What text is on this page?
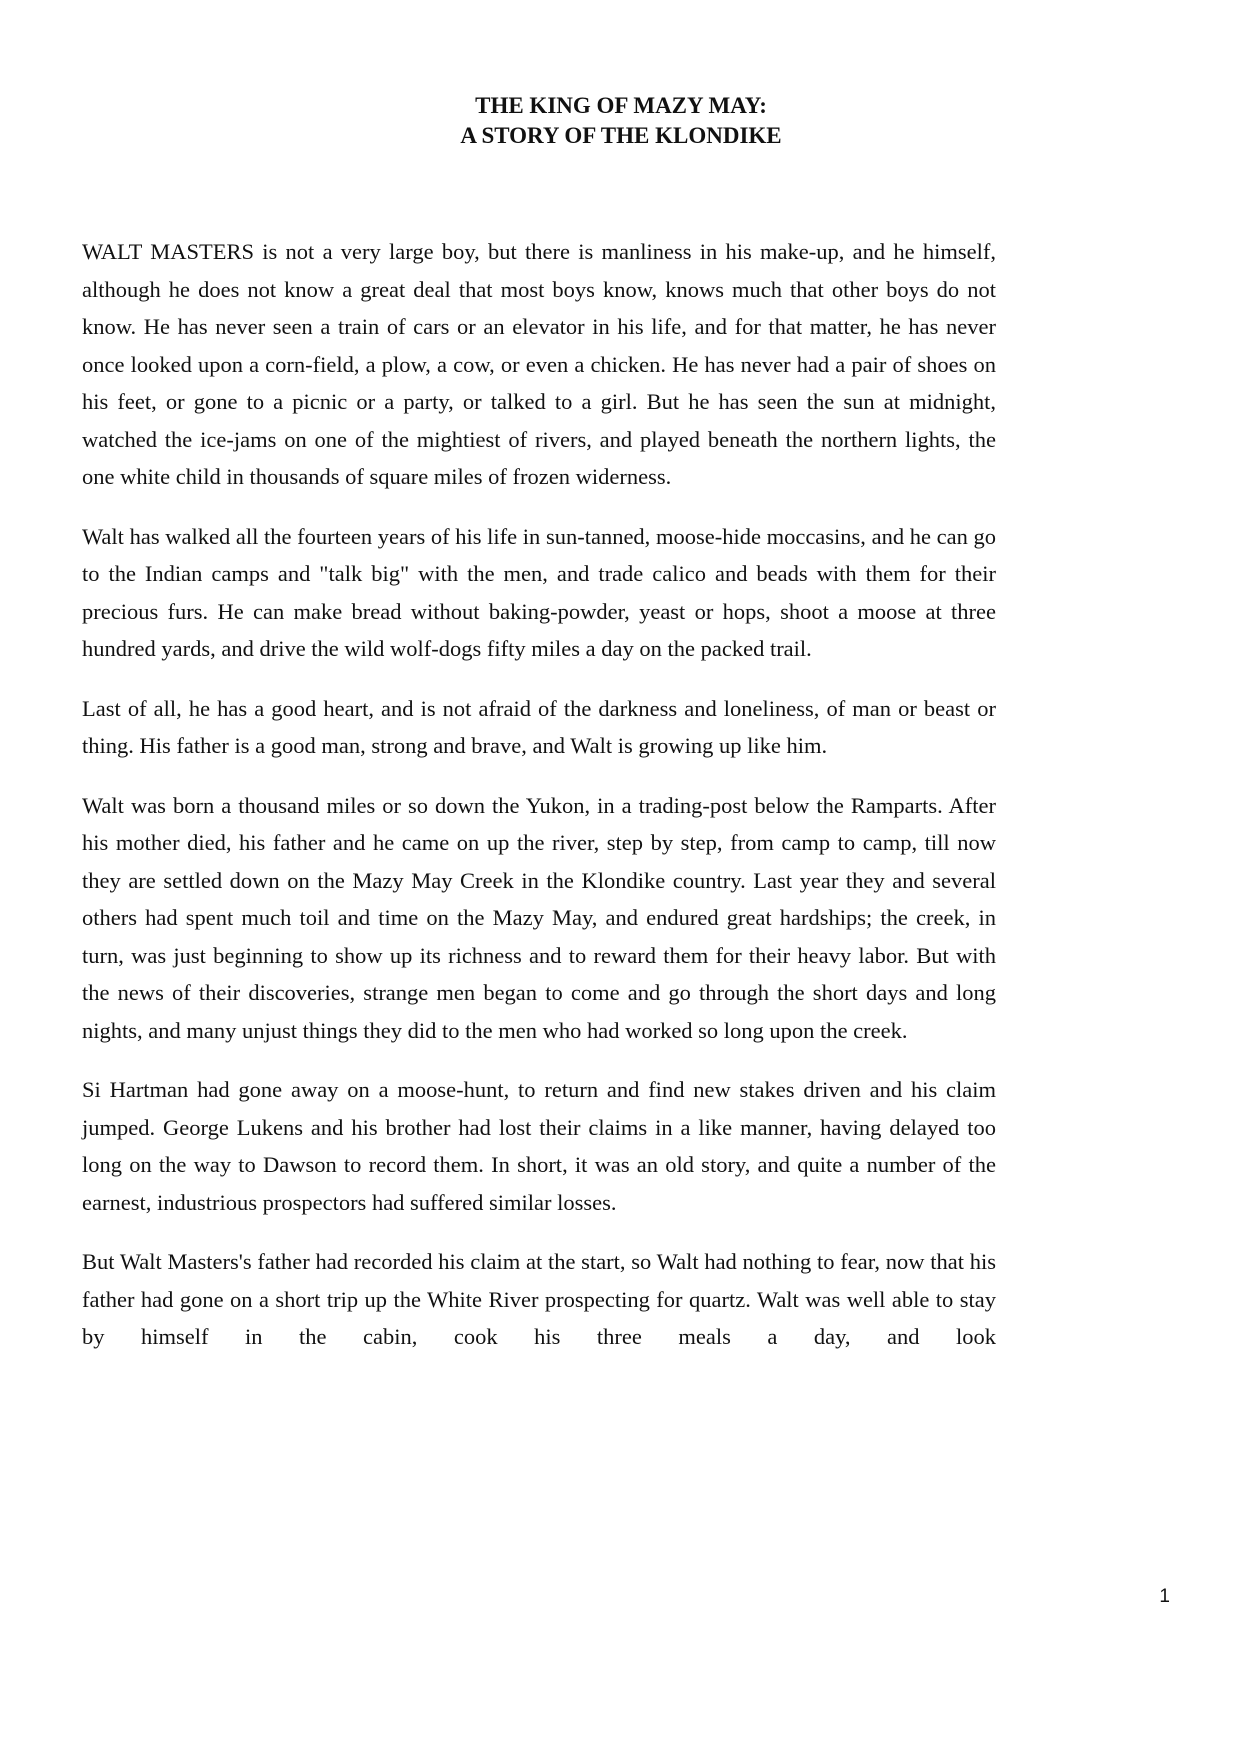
THE KING OF MAZY MAY:
A STORY OF THE KLONDIKE

WALT MASTERS is not a very large boy, but there is manliness in his make-up, and he himself, although he does not know a great deal that most boys know, knows much that other boys do not know. He has never seen a train of cars or an elevator in his life, and for that matter, he has never once looked upon a corn-field, a plow, a cow, or even a chicken. He has never had a pair of shoes on his feet, or gone to a picnic or a party, or talked to a girl. But he has seen the sun at midnight, watched the ice-jams on one of the mightiest of rivers, and played beneath the northern lights, the one white child in thousands of square miles of frozen widerness.

Walt has walked all the fourteen years of his life in sun-tanned, moose-hide moccasins, and he can go to the Indian camps and "talk big" with the men, and trade calico and beads with them for their precious furs. He can make bread without baking-powder, yeast or hops, shoot a moose at three hundred yards, and drive the wild wolf-dogs fifty miles a day on the packed trail.

Last of all, he has a good heart, and is not afraid of the darkness and loneliness, of man or beast or thing. His father is a good man, strong and brave, and Walt is growing up like him.

Walt was born a thousand miles or so down the Yukon, in a trading-post below the Ramparts. After his mother died, his father and he came on up the river, step by step, from camp to camp, till now they are settled down on the Mazy May Creek in the Klondike country. Last year they and several others had spent much toil and time on the Mazy May, and endured great hardships; the creek, in turn, was just beginning to show up its richness and to reward them for their heavy labor. But with the news of their discoveries, strange men began to come and go through the short days and long nights, and many unjust things they did to the men who had worked so long upon the creek.

Si Hartman had gone away on a moose-hunt, to return and find new stakes driven and his claim jumped. George Lukens and his brother had lost their claims in a like manner, having delayed too long on the way to Dawson to record them. In short, it was an old story, and quite a number of the earnest, industrious prospectors had suffered similar losses.

But Walt Masters's father had recorded his claim at the start, so Walt had nothing to fear, now that his father had gone on a short trip up the White River prospecting for quartz. Walt was well able to stay by himself in the cabin, cook his three meals a day, and look

1
